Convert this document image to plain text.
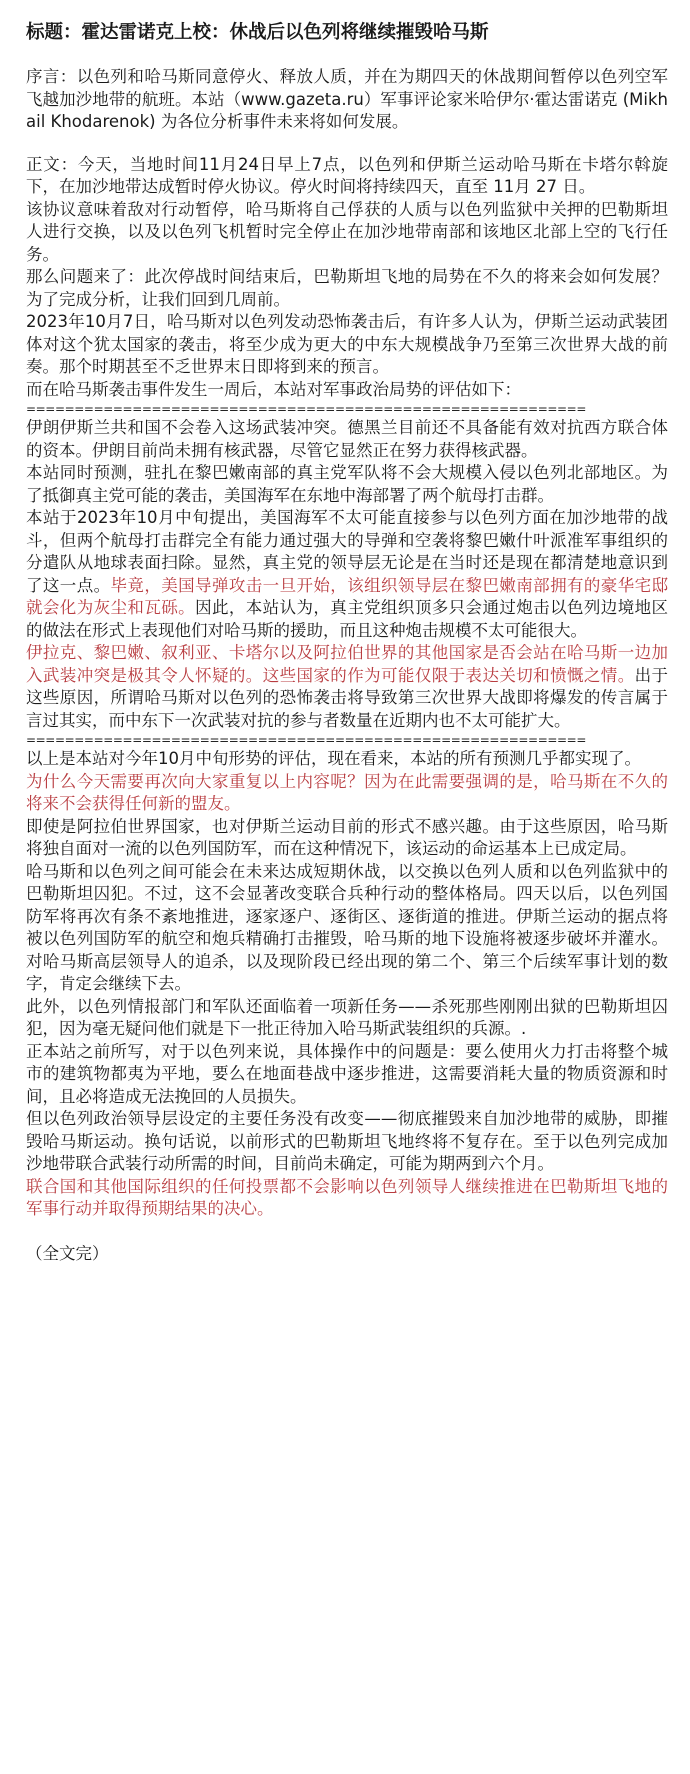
标题：霍达雷诺克上校：休战后以色列将继续摧毁哈马斯
序言：以色列和哈马斯同意停火、释放人质，并在为期四天的休战期间暂停以色列空军飞越加沙地带的航班。本站（www.gazeta.ru）军事评论家米哈伊尔·霍达雷诺克 (Mikhail Khodarenok) 为各位分析事件未来将如何发展。
正文：今天，当地时间11月24日早上7点，以色列和伊斯兰运动哈马斯在卡塔尔斡旋下，在加沙地带达成暂时停火协议。停火时间将持续四天，直至 11月 27 日。
该协议意味着敌对行动暂停，哈马斯将自己俘获的人质与以色列监狱中关押的巴勒斯坦人进行交换，以及以色列飞机暂时完全停止在加沙地带南部和该地区北部上空的飞行任务。
那么问题来了：此次停战时间结束后，巴勒斯坦飞地的局势在不久的将来会如何发展？为了完成分析，让我们回到几周前。
2023年10月7日，哈马斯对以色列发动恐怖袭击后，有许多人认为，伊斯兰运动武装团体对这个犹太国家的袭击，将至少成为更大的中东大规模战争乃至第三次世界大战的前奏。那个时期甚至不乏世界末日即将到来的预言。
而在哈马斯袭击事件发生一周后，本站对军事政治局势的评估如下：
==========================================================
伊朗伊斯兰共和国不会卷入这场武装冲突。德黑兰目前还不具备能有效对抗西方联合体的资本。伊朗目前尚未拥有核武器，尽管它显然正在努力获得核武器。
本站同时预测，驻扎在黎巴嫩南部的真主党军队将不会大规模入侵以色列北部地区。为了抵御真主党可能的袭击，美国海军在东地中海部署了两个航母打击群。
本站于2023年10月中旬提出，美国海军不太可能直接参与以色列方面在加沙地带的战斗，但两个航母打击群完全有能力通过强大的导弹和空袭将黎巴嫩什叶派准军事组织的分遣队从地球表面扫除。显然，真主党的领导层无论是在当时还是现在都清楚地意识到了这一点。毕竟，美国导弹攻击一旦开始，该组织领导层在黎巴嫩南部拥有的豪华宅邸就会化为灰尘和瓦砾。因此，本站认为，真主党组织顶多只会通过炮击以色列边境地区的做法在形式上表现他们对哈马斯的援助，而且这种炮击规模不太可能很大。
伊拉克、黎巴嫩、叙利亚、卡塔尔以及阿拉伯世界的其他国家是否会站在哈马斯一边加入武装冲突是极其令人怀疑的。这些国家的作为可能仅限于表达关切和愤慨之情。出于这些原因，所谓哈马斯对以色列的恐怖袭击将导致第三次世界大战即将爆发的传言属于言过其实，而中东下一次武装对抗的参与者数量在近期内也不太可能扩大。
==========================================================
以上是本站对今年10月中旬形势的评估，现在看来，本站的所有预测几乎都实现了。
为什么今天需要再次向大家重复以上内容呢？因为在此需要强调的是，哈马斯在不久的将来不会获得任何新的盟友。
即使是阿拉伯世界国家，也对伊斯兰运动目前的形式不感兴趣。由于这些原因，哈马斯将独自面对一流的以色列国防军，而在这种情况下，该运动的命运基本上已成定局。
哈马斯和以色列之间可能会在未来达成短期休战，以交换以色列人质和以色列监狱中的巴勒斯坦囚犯。不过，这不会显著改变联合兵种行动的整体格局。四天以后，以色列国防军将再次有条不紊地推进，逐家逐户、逐街区、逐街道的推进。伊斯兰运动的据点将被以色列国防军的航空和炮兵精确打击摧毁，哈马斯的地下设施将被逐步破坏并灌水。对哈马斯高层领导人的追杀，以及现阶段已经出现的第二个、第三个后续军事计划的数字，肯定会继续下去。
此外，以色列情报部门和军队还面临着一项新任务——杀死那些刚刚出狱的巴勒斯坦囚犯，因为毫无疑问他们就是下一批正待加入哈马斯武装组织的兵源。.
正本站之前所写，对于以色列来说，具体操作中的问题是：要么使用火力打击将整个城市的建筑物都夷为平地，要么在地面巷战中逐步推进，这需要消耗大量的物质资源和时间，且必将造成无法挽回的人员损失。
但以色列政治领导层设定的主要任务没有改变——彻底摧毁来自加沙地带的威胁，即摧毁哈马斯运动。换句话说，以前形式的巴勒斯坦飞地终将不复存在。至于以色列完成加沙地带联合武装行动所需的时间，目前尚未确定，可能为期两到六个月。
联合国和其他国际组织的任何投票都不会影响以色列领导人继续推进在巴勒斯坦飞地的军事行动并取得预期结果的决心。
（全文完）
